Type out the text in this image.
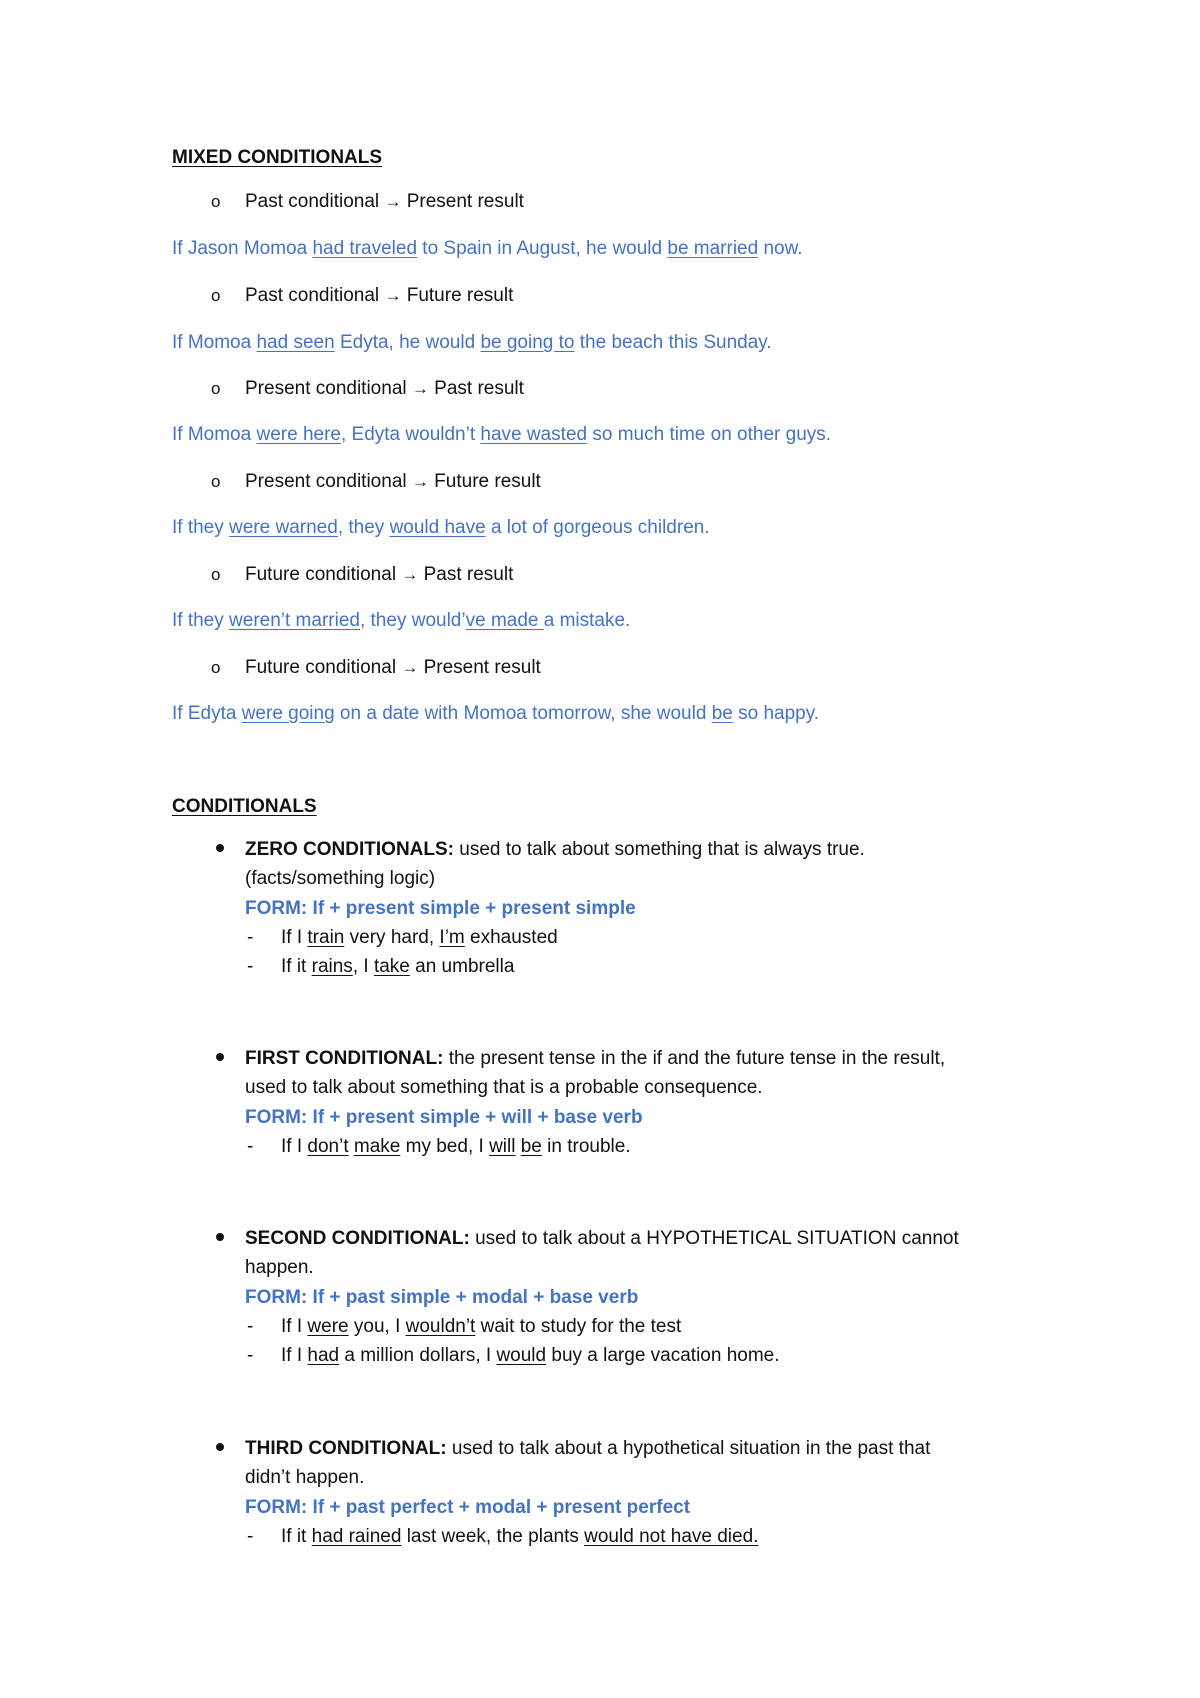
MIXED CONDITIONALS
o Past conditional → Present result
If Jason Momoa had traveled to Spain in August, he would be married now.
o Past conditional → Future result
If Momoa had seen Edyta, he would be going to the beach this Sunday.
o Present conditional → Past result
If Momoa were here, Edyta wouldn’t have wasted so much time on other guys.
o Present conditional → Future result
If they were warned, they would have a lot of gorgeous children.
o Future conditional → Past result
If they weren’t married, they would’ve made a mistake.
o Future conditional → Present result
If Edyta were going on a date with Momoa tomorrow, she would be so happy.
CONDITIONALS
ZERO CONDITIONALS: used to talk about something that is always true.
(facts/something logic)
FORM: If + present simple + present simple
- If I train very hard, I’m exhausted
- If it rains, I take an umbrella
FIRST CONDITIONAL: the present tense in the if and the future tense in the result,
used to talk about something that is a probable consequence.
FORM: If + present simple + will + base verb
- If I don’t make my bed, I will be in trouble.
SECOND CONDITIONAL: used to talk about a HYPOTHETICAL SITUATION cannot
happen.
FORM: If + past simple + modal + base verb
- If I were you, I wouldn’t wait to study for the test
- If I had a million dollars, I would buy a large vacation home.
THIRD CONDITIONAL: used to talk about a hypothetical situation in the past that
didn’t happen.
FORM: If + past perfect + modal + present perfect
- If it had rained last week, the plants would not have died.
